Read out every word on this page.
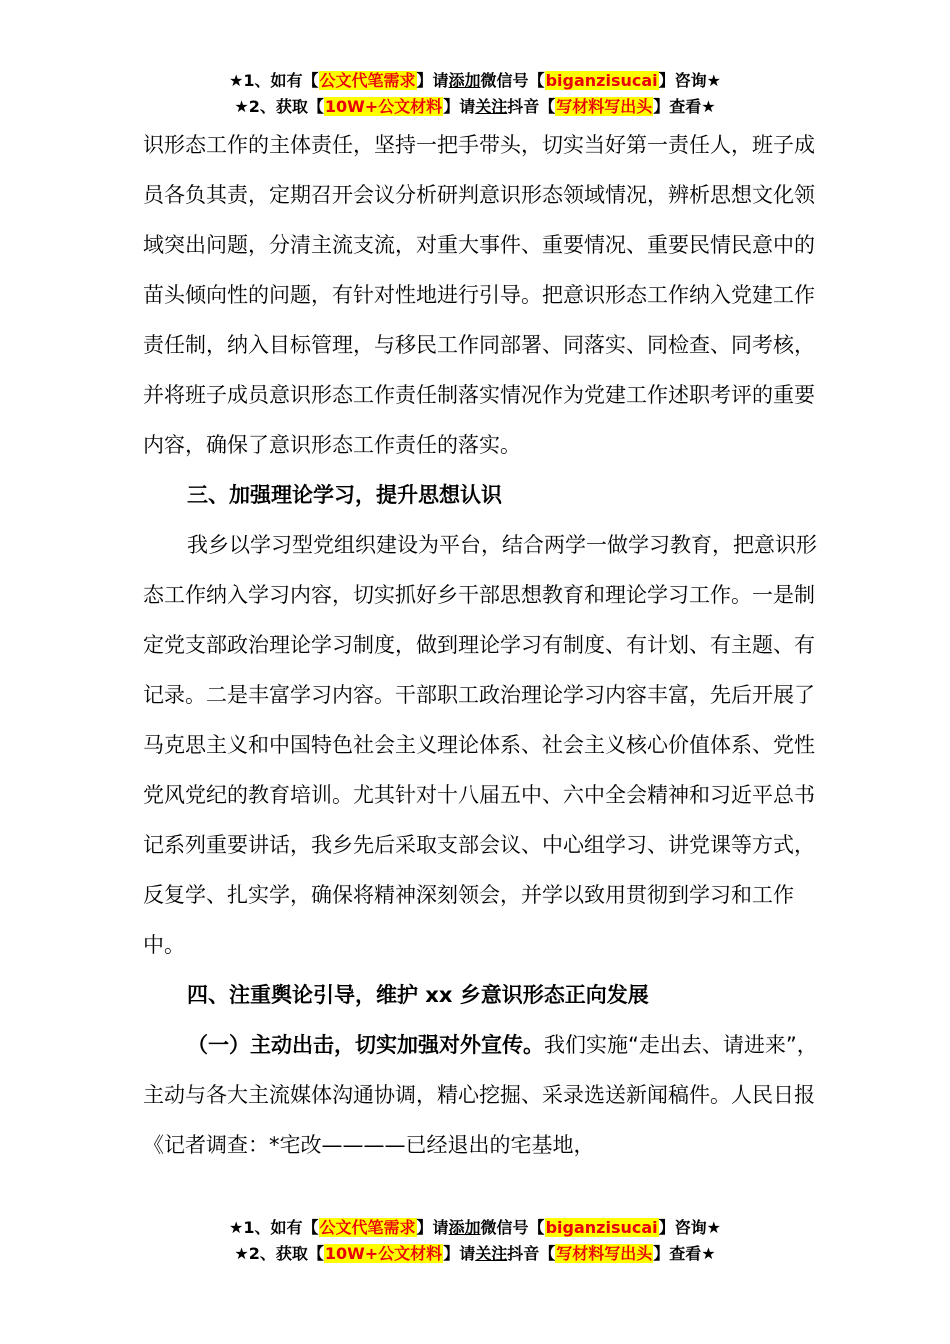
★1、如有【公文代笔需求】请添加微信号【biganzisucai】咨询★
★2、获取【10W+公文材料】请关注抖音【写材料写出头】查看★

识形态工作的主体责任，坚持一把手带头，切实当好第一责任人，班子成员各负其责，定期召开会议分析研判意识形态领域情况，辨析思想文化领域突出问题，分清主流支流，对重大事件、重要情况、重要民情民意中的苗头倾向性的问题，有针对性地进行引导。把意识形态工作纳入党建工作责任制，纳入目标管理，与移民工作同部署、同落实、同检查、同考核，并将班子成员意识形态工作责任制落实情况作为党建工作述职考评的重要内容，确保了意识形态工作责任的落实。

三、加强理论学习，提升思想认识

我乡以学习型党组织建设为平台，结合两学一做学习教育，把意识形态工作纳入学习内容，切实抓好乡干部思想教育和理论学习工作。一是制定党支部政治理论学习制度，做到理论学习有制度、有计划、有主题、有记录。二是丰富学习内容。干部职工政治理论学习内容丰富，先后开展了马克思主义和中国特色社会主义理论体系、社会主义核心价值体系、党性党风党纪的教育培训。尤其针对十八届五中、六中全会精神和习近平总书记系列重要讲话，我乡先后采取支部会议、中心组学习、讲党课等方式，反复学、扎实学，确保将精神深刻领会，并学以致用贯彻到学习和工作中。

四、注重舆论引导，维护 xx 乡意识形态正向发展

（一）主动出击，切实加强对外宣传。我们实施“走出去、请进来”，主动与各大主流媒体沟通协调，精心挖掘、采录选送新闻稿件。人民日报《记者调查：*宅改————已经退出的宅基地，

★1、如有【公文代笔需求】请添加微信号【biganzisucai】咨询★
★2、获取【10W+公文材料】请关注抖音【写材料写出头】查看★
